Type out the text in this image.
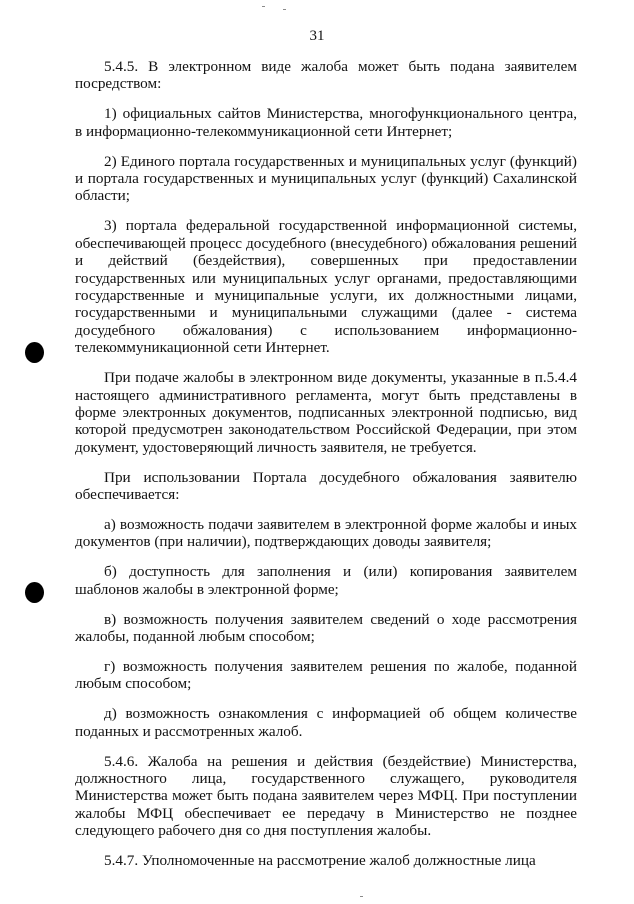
31

5.4.5. В электронном виде жалоба может быть подана заявителем посредством:

1) официальных сайтов Министерства, многофункционального центра, в информационно-телекоммуникационной сети Интернет;

2) Единого портала государственных и муниципальных услуг (функций) и портала государственных и муниципальных услуг (функций) Сахалинской области;

3) портала федеральной государственной информационной системы, обеспечивающей процесс досудебного (внесудебного) обжалования решений и действий (бездействия), совершенных при предоставлении государственных или муниципальных услуг органами, предоставляющими государственные и муниципальные услуги, их должностными лицами, государственными и муниципальными служащими (далее - система досудебного обжалования) с использованием информационно-телекоммуникационной сети Интернет.

При подаче жалобы в электронном виде документы, указанные в п.5.4.4 настоящего административного регламента, могут быть представлены в форме электронных документов, подписанных электронной подписью, вид которой предусмотрен законодательством Российской Федерации, при этом документ, удостоверяющий личность заявителя, не требуется.

При использовании Портала досудебного обжалования заявителю обеспечивается:

а) возможность подачи заявителем в электронной форме жалобы и иных документов (при наличии), подтверждающих доводы заявителя;

б) доступность для заполнения и (или) копирования заявителем шаблонов жалобы в электронной форме;

в) возможность получения заявителем сведений о ходе рассмотрения жалобы, поданной любым способом;

г) возможность получения заявителем решения по жалобе, поданной любым способом;

д) возможность ознакомления с информацией об общем количестве поданных и рассмотренных жалоб.

5.4.6. Жалоба на решения и действия (бездействие) Министерства, должностного лица, государственного служащего, руководителя Министерства может быть подана заявителем через МФЦ. При поступлении жалобы МФЦ обеспечивает ее передачу в Министерство не позднее следующего рабочего дня со дня поступления жалобы.

5.4.7. Уполномоченные на рассмотрение жалоб должностные лица
